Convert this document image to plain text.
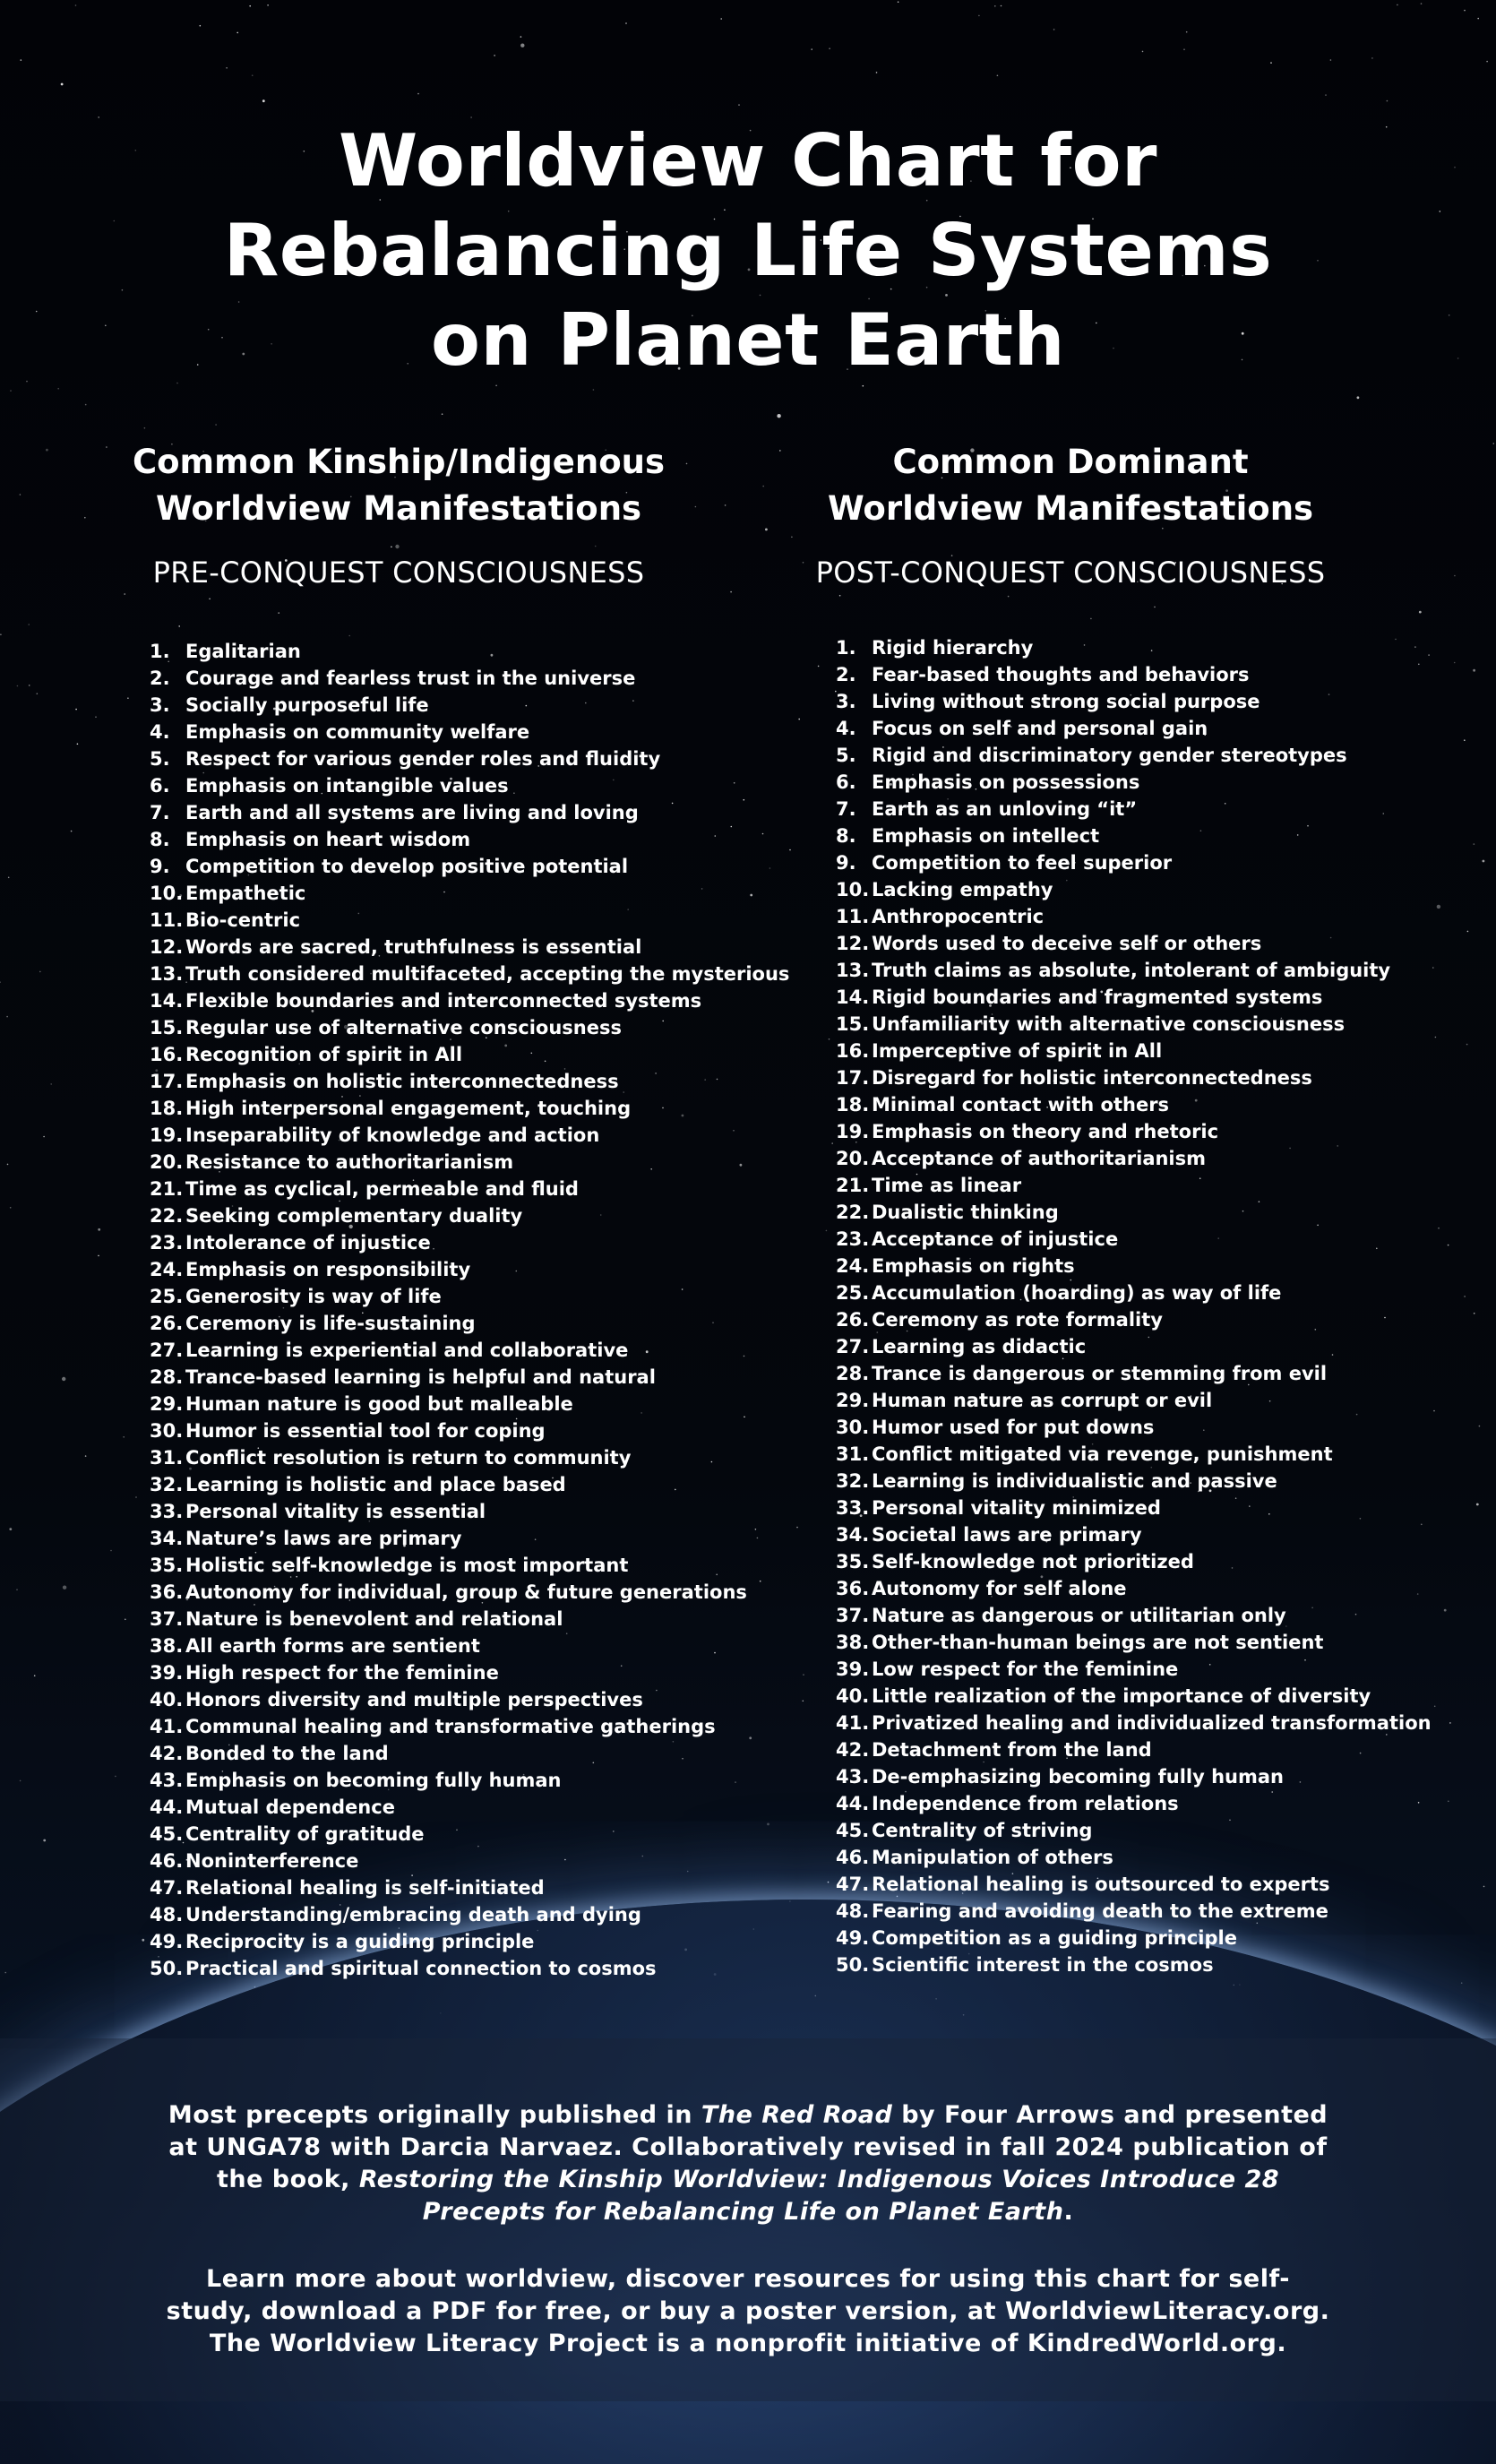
Worldview Chart for
Rebalancing Life Systems
on Planet Earth
Common Kinship/Indigenous
Worldview Manifestations
PRE-CONQUEST CONSCIOUSNESS
1. Egalitarian
2. Courage and fearless trust in the universe
3. Socially purposeful life
4. Emphasis on community welfare
5. Respect for various gender roles and fluidity
6. Emphasis on intangible values
7. Earth and all systems are living and loving
8. Emphasis on heart wisdom
9. Competition to develop positive potential
10. Empathetic
11. Bio-centric
12. Words are sacred, truthfulness is essential
13. Truth considered multifaceted, accepting the mysterious
14. Flexible boundaries and interconnected systems
15. Regular use of alternative consciousness
16. Recognition of spirit in All
17. Emphasis on holistic interconnectedness
18. High interpersonal engagement, touching
19. Inseparability of knowledge and action
20. Resistance to authoritarianism
21. Time as cyclical, permeable and fluid
22. Seeking complementary duality
23. Intolerance of injustice
24. Emphasis on responsibility
25. Generosity is way of life
26. Ceremony is life-sustaining
27. Learning is experiential and collaborative
28. Trance-based learning is helpful and natural
29. Human nature is good but malleable
30. Humor is essential tool for coping
31. Conflict resolution is return to community
32. Learning is holistic and place based
33. Personal vitality is essential
34. Nature’s laws are primary
35. Holistic self-knowledge is most important
36. Autonomy for individual, group & future generations
37. Nature is benevolent and relational
38. All earth forms are sentient
39. High respect for the feminine
40. Honors diversity and multiple perspectives
41. Communal healing and transformative gatherings
42. Bonded to the land
43. Emphasis on becoming fully human
44. Mutual dependence
45. Centrality of gratitude
46. Noninterference
47. Relational healing is self-initiated
48. Understanding/embracing death and dying
49. Reciprocity is a guiding principle
50. Practical and spiritual connection to cosmos
Common Dominant
Worldview Manifestations
POST-CONQUEST CONSCIOUSNESS
1. Rigid hierarchy
2. Fear-based thoughts and behaviors
3. Living without strong social purpose
4. Focus on self and personal gain
5. Rigid and discriminatory gender stereotypes
6. Emphasis on possessions
7. Earth as an unloving “it”
8. Emphasis on intellect
9. Competition to feel superior
10. Lacking empathy
11. Anthropocentric
12. Words used to deceive self or others
13. Truth claims as absolute, intolerant of ambiguity
14. Rigid boundaries and fragmented systems
15. Unfamiliarity with alternative consciousness
16. Imperceptive of spirit in All
17. Disregard for holistic interconnectedness
18. Minimal contact with others
19. Emphasis on theory and rhetoric
20. Acceptance of authoritarianism
21. Time as linear
22. Dualistic thinking
23. Acceptance of injustice
24. Emphasis on rights
25. Accumulation (hoarding) as way of life
26. Ceremony as rote formality
27. Learning as didactic
28. Trance is dangerous or stemming from evil
29. Human nature as corrupt or evil
30. Humor used for put downs
31. Conflict mitigated via revenge, punishment
32. Learning is individualistic and passive
33. Personal vitality minimized
34. Societal laws are primary
35. Self-knowledge not prioritized
36. Autonomy for self alone
37. Nature as dangerous or utilitarian only
38. Other-than-human beings are not sentient
39. Low respect for the feminine
40. Little realization of the importance of diversity
41. Privatized healing and individualized transformation
42. Detachment from the land
43. De-emphasizing becoming fully human
44. Independence from relations
45. Centrality of striving
46. Manipulation of others
47. Relational healing is outsourced to experts
48. Fearing and avoiding death to the extreme
49. Competition as a guiding principle
50. Scientific interest in the cosmos

Most precepts originally published in The Red Road by Four Arrows and presented at UNGA78 with Darcia Narvaez. Collaboratively revised in fall 2024 publication of the book, Restoring the Kinship Worldview: Indigenous Voices Introduce 28 Precepts for Rebalancing Life on Planet Earth.

Learn more about worldview, discover resources for using this chart for self-study, download a PDF for free, or buy a poster version, at WorldviewLiteracy.org. The Worldview Literacy Project is a nonprofit initiative of KindredWorld.org.
